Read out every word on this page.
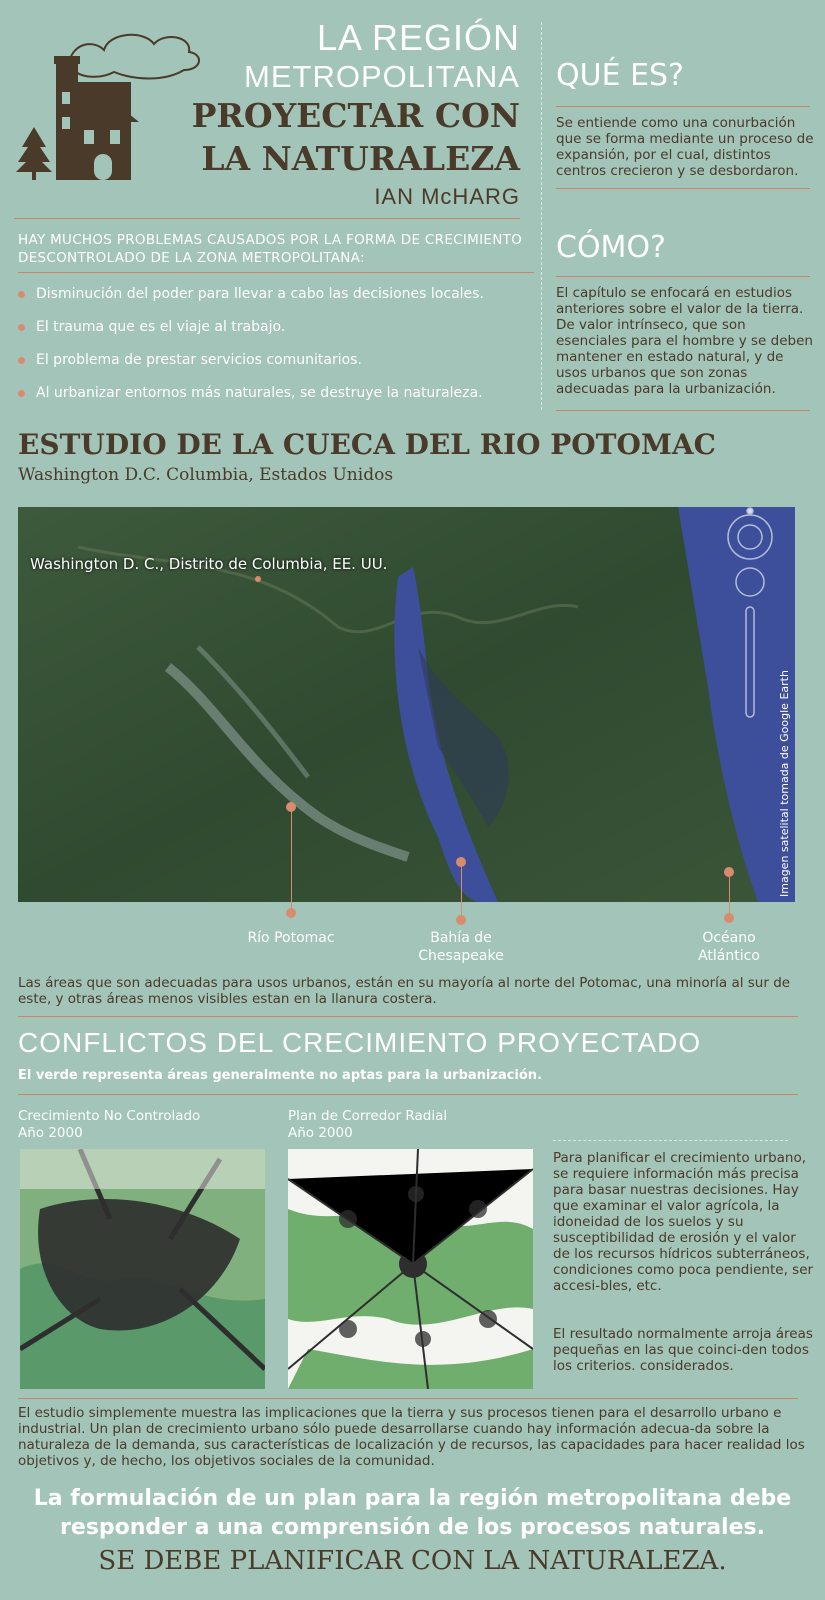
LA REGIÓN
METROPOLITANA
PROYECTAR CON
LA NATURALEZA
IAN McHARG
QUÉ ES?
Se entiende como una conurbación que se forma mediante un proceso de expansión, por el cual, distintos centros crecieron y se desbordaron.
CÓMO?
El capítulo se enfocará en estudios anteriores sobre el valor de la tierra. De valor intrínseco, que son esenciales para el hombre y se deben mantener en estado natural, y de usos urbanos que son zonas adecuadas para la urbanización.
HAY MUCHOS PROBLEMAS CAUSADOS POR LA FORMA DE CRECIMIENTO DESCONTROLADO DE LA ZONA METROPOLITANA:
Disminución del poder para llevar a cabo las decisiones locales.
El trauma que es el viaje al trabajo.
El problema de prestar servicios comunitarios.
Al urbanizar entornos más naturales, se destruye la naturaleza.
ESTUDIO DE LA CUECA DEL RIO POTOMAC
Washington D.C. Columbia, Estados Unidos
Washington D. C., Distrito de Columbia, EE. UU.
Imagen satelital tomada de Google Earth
Río Potomac	Bahía de Chesapeake
Océano Atlántico
Las áreas que son adecuadas para usos urbanos, están en su mayoría al norte del Potomac, una minoría al sur de este, y otras áreas menos visibles estan en la llanura costera.
CONFLICTOS DEL CRECIMIENTO PROYECTADO
El verde representa áreas generalmente no aptas para la urbanización.
Crecimiento No Controlado
Año 2000
Plan de Corredor Radial
Año 2000
Para planificar el crecimiento urbano, se requiere información más precisa para basar nuestras decisiones. Hay que examinar el valor agrícola, la idoneidad de los suelos y su susceptibilidad de erosión y el valor de los recursos hídricos subterráneos, condiciones como poca pendiente, ser accesi-bles, etc.
El resultado normalmente arroja áreas pequeñas en las que coinci-den todos los criterios. considerados.
El estudio simplemente muestra las implicaciones que la tierra y sus procesos tienen para el desarrollo urbano e industrial. Un plan de crecimiento urbano sólo puede desarrollarse cuando hay información adecua-da sobre la naturaleza de la demanda, sus características de localización y de recursos, las capacidades para hacer realidad los objetivos y, de hecho, los objetivos sociales de la comunidad.
La formulación de un plan para la región metropolitana debe
responder a una comprensión de los procesos naturales.
SE DEBE PLANIFICAR CON LA NATURALEZA.
